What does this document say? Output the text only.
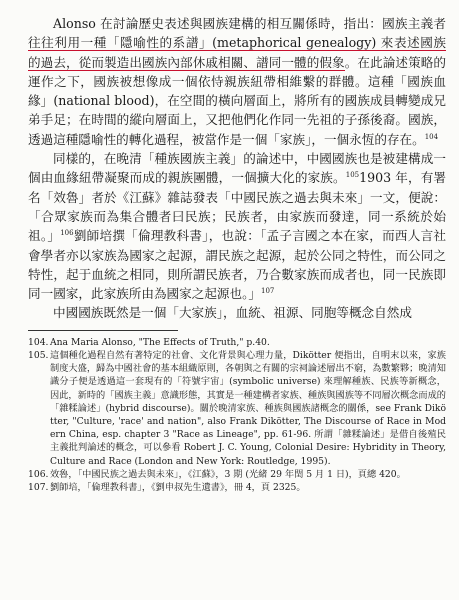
Alonso 在討論歷史表述與國族建構的相互關係時，指出：國族主義者往往利用一種「隱喻性的系譜」(metaphorical genealogy) 來表述國族的過去，從而製造出國族內部休戚相關、譜同一體的假象。在此論述策略的運作之下，國族被想像成一個依恃親族紐帶相維繫的群體。這種「國族血緣」(national blood)，在空間的橫向層面上，將所有的國族成員轉變成兄弟手足；在時間的縱向層面上，又把他們化作同一先祖的子孫後裔。國族，透過這種隱喻性的轉化過程，被當作是一個「家族」，一個永恆的存在。$^{104}$

同樣的，在晚清「種族國族主義」的論述中，中國國族也是被建構成一個由血緣紐帶凝聚而成的親族團體，一個擴大化的家族。$^{105}$1903 年，有署名「效魯」者於《江蘇》雜誌發表「中國民族之過去與未來」一文，便說：「合眾家族而為集合體者曰民族；民族者，由家族而發達，同一系統於始祖。」$^{106}$劉師培撰「倫理教科書」，也說：「孟子言國之本在家，而西人言社會學者亦以家族為國家之起源，謂民族之起源，起於公同之特性，而公同之特性，起于血統之相同，則所謂民族者，乃合數家族而成者也，同一民族即同一國家，此家族所由為國家之起源也。」$^{107}$

中國國族既然是一個「大家族」，血統、祖源、同胞等概念自然成

104. Ana Maria Alonso, "The Effects of Truth," p.40.
105. 這個種化過程自然有著特定的社會、文化背景與心理力量，Dikötter 便指出，自明末以來，家族制度大盛，歸為中國社會的基本組織原則，各朝與之有關的宗祠論述層出不窮，為數繁夥；晚清知識分子便是透過這一套現有的「符號宇宙」(symbolic universe) 來理解種族、民族等新概念，因此，新時的「國族主義」意識形態，其實是一種建構者家族、種族與國族等不同層次概念而成的「雜糅論述」(hybrid discourse)。關於晚清家族、種族與國族諸概念的關係，see Frank Dikötter, "Culture, 'race' and nation", also Frank Dikötter, The Discourse of Race in Modern China, esp. chapter 3 "Race as Lineage", pp. 61-96. 所謂「雜糅論述」是借自後殖民主義批判論述的概念，可以參看 Robert J. C. Young, Colonial Desire: Hybridity in Theory, Culture and Race (London and New York: Routledge, 1995).
106. 效魯，「中國民族之過去與未來」，《江蘇》，3 期 (光緒 29 年閏 5 月 1 日)，頁總 420。
107. 劉師培，「倫理教科書」，《劉申叔先生遺書》，冊 4，頁 2325。
